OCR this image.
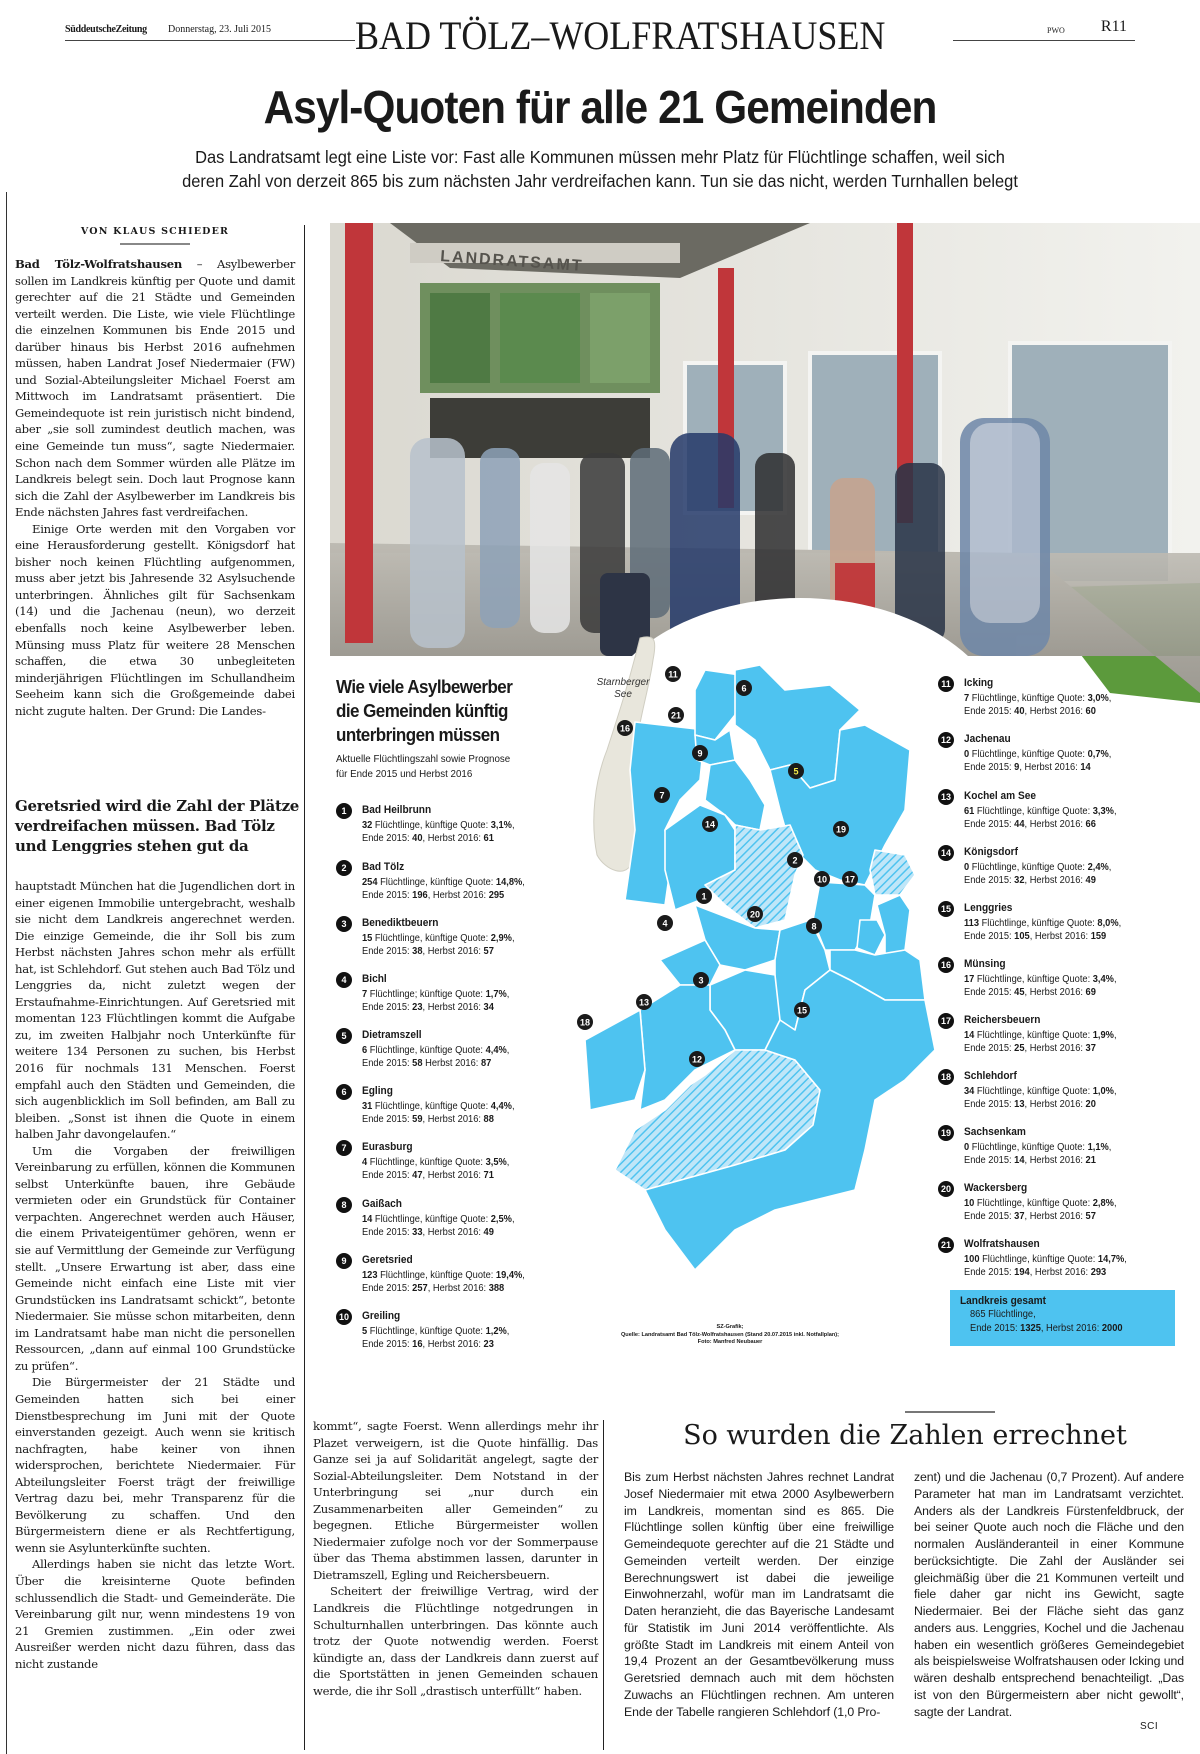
SüddeutscheZeitung Donnerstag, 23. Juli 2015 BAD TÖLZ–WOLFRATSHAUSEN	PWO R11
Asyl-Quoten für alle 21 Gemeinden
Das Landratsamt legt eine Liste vor: Fast alle Kommunen müssen mehr Platz für Flüchtlinge schaffen, weil sich
deren Zahl von derzeit 865 bis zum nächsten Jahr verdreifachen kann. Tun sie das nicht, werden Turnhallen belegt
VON KLAUS SCHIEDER

Bad Tölz-Wolfratshausen – Asylbewerber sollen im Landkreis künftig per Quote und damit gerechter auf die 21 Städte und Gemeinden verteilt werden. Die Liste, wie viele Flüchtlinge die einzelnen Kommunen bis Ende 2015 und darüber hinaus bis Herbst 2016 aufnehmen müssen, haben Landrat Josef Niedermaier (FW) und Sozial-Abteilungsleiter Michael Foerst am Mittwoch im Landratsamt präsentiert. Die Gemeindequote ist rein juristisch nicht bindend, aber „sie soll zumindest deutlich machen, was eine Gemeinde tun muss“, sagte Niedermaier. Schon nach dem Sommer würden alle Plätze im Landkreis belegt sein. Doch laut Prognose kann sich die Zahl der Asylbewerber im Landkreis bis Ende nächsten Jahres fast verdreifachen.

Einige Orte werden mit den Vorgaben vor eine Herausforderung gestellt. Königsdorf hat bisher noch keinen Flüchtling aufgenommen, muss aber jetzt bis Jahresende 32 Asylsuchende unterbringen. Ähnliches gilt für Sachsenkam (14) und die Jachenau (neun), wo derzeit ebenfalls noch keine Asylbewerber leben. Münsing muss Platz für weitere 28 Menschen schaffen, die etwa 30 unbegleiteten minderjährigen Flüchtlingen im Schullandheim Seeheim kann sich die Großgemeinde dabei nicht zugute halten. Der Grund: Die Landes-

Geretsried wird die Zahl der Plätze verdreifachen müssen. Bad Tölz und Lenggries stehen gut da

hauptstadt München hat die Jugendlichen dort in einer eigenen Immobilie untergebracht, weshalb sie nicht dem Landkreis angerechnet werden. Die einzige Gemeinde, die ihr Soll bis zum Herbst nächsten Jahres schon mehr als erfüllt hat, ist Schlehdorf. Gut stehen auch Bad Tölz und Lenggries da, nicht zuletzt wegen der Erstaufnahme-Einrichtungen. Auf Geretsried mit momentan 123 Flüchtlingen kommt die Aufgabe zu, im zweiten Halbjahr noch Unterkünfte für weitere 134 Personen zu suchen, bis Herbst 2016 für nochmals 131 Menschen. Foerst empfahl auch den Städten und Gemeinden, die sich augenblicklich im Soll befinden, am Ball zu bleiben. „Sonst ist ihnen die Quote in einem halben Jahr davongelaufen.“

Um die Vorgaben der freiwilligen Vereinbarung zu erfüllen, können die Kommunen selbst Unterkünfte bauen, ihre Gebäude vermieten oder ein Grundstück für Container verpachten. Angerechnet werden auch Häuser, die einem Privateigentümer gehören, wenn er sie auf Vermittlung der Gemeinde zur Verfügung stellt. „Unsere Erwartung ist aber, dass eine Gemeinde nicht einfach eine Liste mit vier Grundstücken ins Landratsamt schickt“, betonte Niedermaier. Sie müsse schon mitarbeiten, denn im Landratsamt habe man nicht die personellen Ressourcen, „dann auf einmal 100 Grundstücke zu prüfen“.

Die Bürgermeister der 21 Städte und Gemeinden hatten sich bei einer Dienstbesprechung im Juni mit der Quote einverstanden gezeigt. Auch wenn sie kritisch nachfragten, habe keiner von ihnen widersprochen, berichtete Niedermaier. Für Abteilungsleiter Foerst trägt der freiwillige Vertrag dazu bei, mehr Transparenz für die Bevölkerung zu schaffen. Und den Bürgermeistern diene er als Rechtfertigung, wenn sie Asylunterkünfte suchten.

Allerdings haben sie nicht das letzte Wort. Über die kreisinterne Quote befinden schlussendlich die Stadt- und Gemeinderäte. Die Vereinbarung gilt nur, wenn mindestens 19 von 21 Gremien zustimmen. „Ein oder zwei Ausreißer werden nicht dazu führen, dass das nicht zustande

kommt“, sagte Foerst. Wenn allerdings mehr ihr Plazet verweigern, ist die Quote hinfällig. Das Ganze sei ja auf Solidarität angelegt, sagte der Sozial-Abteilungsleiter. Dem Notstand in der Unterbringung sei „nur durch ein Zusammenarbeiten aller Gemeinden“ zu begegnen. Etliche Bürgermeister wollen Niedermaier zufolge noch vor der Sommerpause über das Thema abstimmen lassen, darunter in Dietramszell, Egling und Reichersbeuern.

Scheitert der freiwillige Vertrag, wird der Landkreis die Flüchtlinge notgedrungen in Schulturnhallen unterbringen. Das könnte auch trotz der Quote notwendig werden. Foerst kündigte an, dass der Landkreis dann zuerst auf die Sportstätten in jenen Gemeinden schauen werde, die ihr Soll „drastisch unterfüllt“ haben.

LANDRATSAMT
Wie viele Asylbewerber
die Gemeinden künftig
unterbringen müssen
Aktuelle Flüchtlingszahl sowie Prognose
für Ende 2015 und Herbst 2016
Starnberger
See
1
2
3
4
5
6
7
8
9
10
11
12
13
14
15
16
17
18
19
20
21
SZ-Grafik;
Quelle: Landratsamt Bad Tölz-Wolfratshausen (Stand 20.07.2015 inkl. Notfallplan);
Foto: Manfred Neubauer
Landkreis gesamt
865 Flüchtlinge,
Ende 2015: 1325, Herbst 2016: 2000
So wurden die Zahlen errechnet
Bis zum Herbst nächsten Jahres rechnet Landrat Josef Niedermaier mit etwa 2000 Asylbewerbern im Landkreis, momentan sind es 865. Die Flüchtlinge sollen künftig über eine freiwillige Gemeindequote gerechter auf die 21 Städte und Gemeinden verteilt werden. Der einzige Berechnungswert ist dabei die jeweilige Einwohnerzahl, wofür man im Landratsamt die Daten heranzieht, die das Bayerische Landesamt für Statistik im Juni 2014 veröffentlichte. Als größte Stadt im Landkreis mit einem Anteil von 19,4 Prozent an der Gesamtbevölkerung muss Geretsried demnach auch mit dem höchsten Zuwachs an Flüchtlingen rechnen. Am unteren Ende der Tabelle rangieren Schlehdorf (1,0 Pro-
zent) und die Jachenau (0,7 Prozent). Auf andere Parameter hat man im Landratsamt verzichtet. Anders als der Landkreis Fürstenfeldbruck, der bei seiner Quote auch noch die Fläche und den normalen Ausländeranteil in einer Kommune berücksichtigte. Die Zahl der Ausländer sei gleichmäßig über die 21 Kommunen verteilt und fiele daher gar nicht ins Gewicht, sagte Niedermaier. Bei der Fläche sieht das ganz anders aus. Lenggries, Kochel und die Jachenau haben ein wesentlich größeres Gemeindegebiet als beispielsweise Wolfratshausen oder Icking und wären deshalb entsprechend benachteiligt. „Das ist von den Bürgermeistern aber nicht gewollt“, sagte der Landrat.
SCI
1	Bad Heilbrunn
32 Flüchtlinge, künftige Quote: 3,1%,
Ende 2015: 40, Herbst 2016: 61
2	Bad Tölz
254 Flüchtlinge, künftige Quote: 14,8%,
Ende 2015: 196, Herbst 2016: 295
3	Benediktbeuern
15 Flüchtlinge, künftige Quote: 2,9%,
Ende 2015: 38, Herbst 2016: 57
4	Bichl
7 Flüchtlinge; künftige Quote: 1,7%,
Ende 2015: 23, Herbst 2016: 34
5	Dietramszell
6 Flüchtlinge, künftige Quote: 4,4%,
Ende 2015: 58 Herbst 2016: 87
6	Egling
31 Flüchtlinge, künftige Quote: 4,4%,
Ende 2015: 59, Herbst 2016: 88
7	Eurasburg
4 Flüchtlinge, künftige Quote: 3,5%,
Ende 2015: 47, Herbst 2016: 71
8	Gaißach
14 Flüchtlinge, künftige Quote: 2,5%,
Ende 2015: 33, Herbst 2016: 49
9	Geretsried
123 Flüchtlinge, künftige Quote: 19,4%,
Ende 2015: 257, Herbst 2016: 388
10 Greiling
5 Flüchtlinge, künftige Quote: 1,2%,
Ende 2015: 16, Herbst 2016: 23
11 Icking
7 Flüchtlinge, künftige Quote: 3,0%,
Ende 2015: 40, Herbst 2016: 60
12 Jachenau
0 Flüchtlinge, künftige Quote: 0,7%,
Ende 2015: 9, Herbst 2016: 14
13 Kochel am See
61 Flüchtlinge, künftige Quote: 3,3%,
Ende 2015: 44, Herbst 2016: 66
14 Königsdorf
0 Flüchtlinge, künftige Quote: 2,4%,
Ende 2015: 32, Herbst 2016: 49
15 Lenggries
113 Flüchtlinge, künftige Quote: 8,0%,
Ende 2015: 105, Herbst 2016: 159
16 Münsing
17 Flüchtlinge, künftige Quote: 3,4%,
Ende 2015: 45, Herbst 2016: 69
17 Reichersbeuern
14 Flüchtlinge, künftige Quote: 1,9%,
Ende 2015: 25, Herbst 2016: 37
18 Schlehdorf
34 Flüchtlinge, künftige Quote: 1,0%,
Ende 2015: 13, Herbst 2016: 20
19 Sachsenkam
0 Flüchtlinge, künftige Quote: 1,1%,
Ende 2015: 14, Herbst 2016: 21
20 Wackersberg
10 Flüchtlinge, künftige Quote: 2,8%,
Ende 2015: 37, Herbst 2016: 57
21 Wolfratshausen
100 Flüchtlinge, künftige Quote: 14,7%,
Ende 2015: 194, Herbst 2016: 293
